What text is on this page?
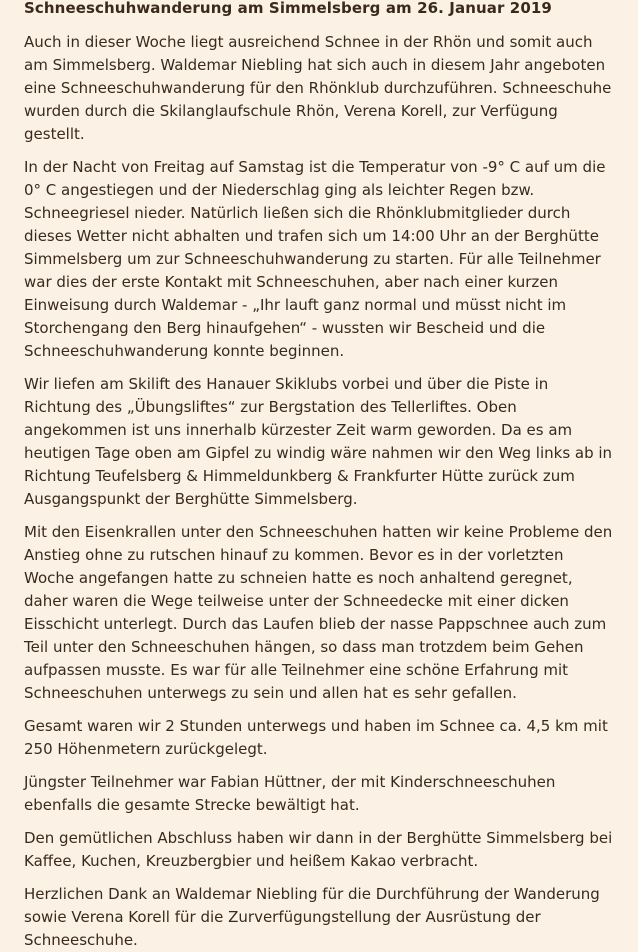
Schneeschuhwanderung am Simmelsberg am 26. Januar 2019

Auch in dieser Woche liegt ausreichend Schnee in der Rhön und somit auch am Simmelsberg. Waldemar Niebling hat sich auch in diesem Jahr angeboten eine Schneeschuhwanderung für den Rhönklub durchzuführen. Schneeschuhe wurden durch die Skilanglaufschule Rhön, Verena Korell, zur Verfügung gestellt.

In der Nacht von Freitag auf Samstag ist die Temperatur von -9° C auf um die 0° C angestiegen und der Niederschlag ging als leichter Regen bzw. Schneegriesel nieder. Natürlich ließen sich die Rhönklubmitglieder durch dieses Wetter nicht abhalten und trafen sich um 14:00 Uhr an der Berghütte Simmelsberg um zur Schneeschuhwanderung zu starten. Für alle Teilnehmer war dies der erste Kontakt mit Schneeschuhen, aber nach einer kurzen Einweisung durch Waldemar - „Ihr lauft ganz normal und müsst nicht im Storchengang den Berg hinaufgehen“ - wussten wir Bescheid und die Schneeschuhwanderung konnte beginnen.

Wir liefen am Skilift des Hanauer Skiklubs vorbei und über die Piste in Richtung des „Übungsliftes“ zur Bergstation des Tellerliftes. Oben angekommen ist uns innerhalb kürzester Zeit warm geworden. Da es am heutigen Tage oben am Gipfel zu windig wäre nahmen wir den Weg links ab in Richtung Teufelsberg & Himmeldunkberg & Frankfurter Hütte zurück zum Ausgangspunkt der Berghütte Simmelsberg.

Mit den Eisenkrallen unter den Schneeschuhen hatten wir keine Probleme den Anstieg ohne zu rutschen hinauf zu kommen. Bevor es in der vorletzten Woche angefangen hatte zu schneien hatte es noch anhaltend geregnet, daher waren die Wege teilweise unter der Schneedecke mit einer dicken Eisschicht unterlegt. Durch das Laufen blieb der nasse Pappschnee auch zum Teil unter den Schneeschuhen hängen, so dass man trotzdem beim Gehen aufpassen musste. Es war für alle Teilnehmer eine schöne Erfahrung mit Schneeschuhen unterwegs zu sein und allen hat es sehr gefallen.

Gesamt waren wir 2 Stunden unterwegs und haben im Schnee ca. 4,5 km mit 250 Höhenmetern zurückgelegt.

Jüngster Teilnehmer war Fabian Hüttner, der mit Kinderschneeschuhen ebenfalls die gesamte Strecke bewältigt hat.

Den gemütlichen Abschluss haben wir dann in der Berghütte Simmelsberg bei Kaffee, Kuchen, Kreuzbergbier und heißem Kakao verbracht.

Herzlichen Dank an Waldemar Niebling für die Durchführung der Wanderung sowie Verena Korell für die Zurverfügungstellung der Ausrüstung der Schneeschuhe.
